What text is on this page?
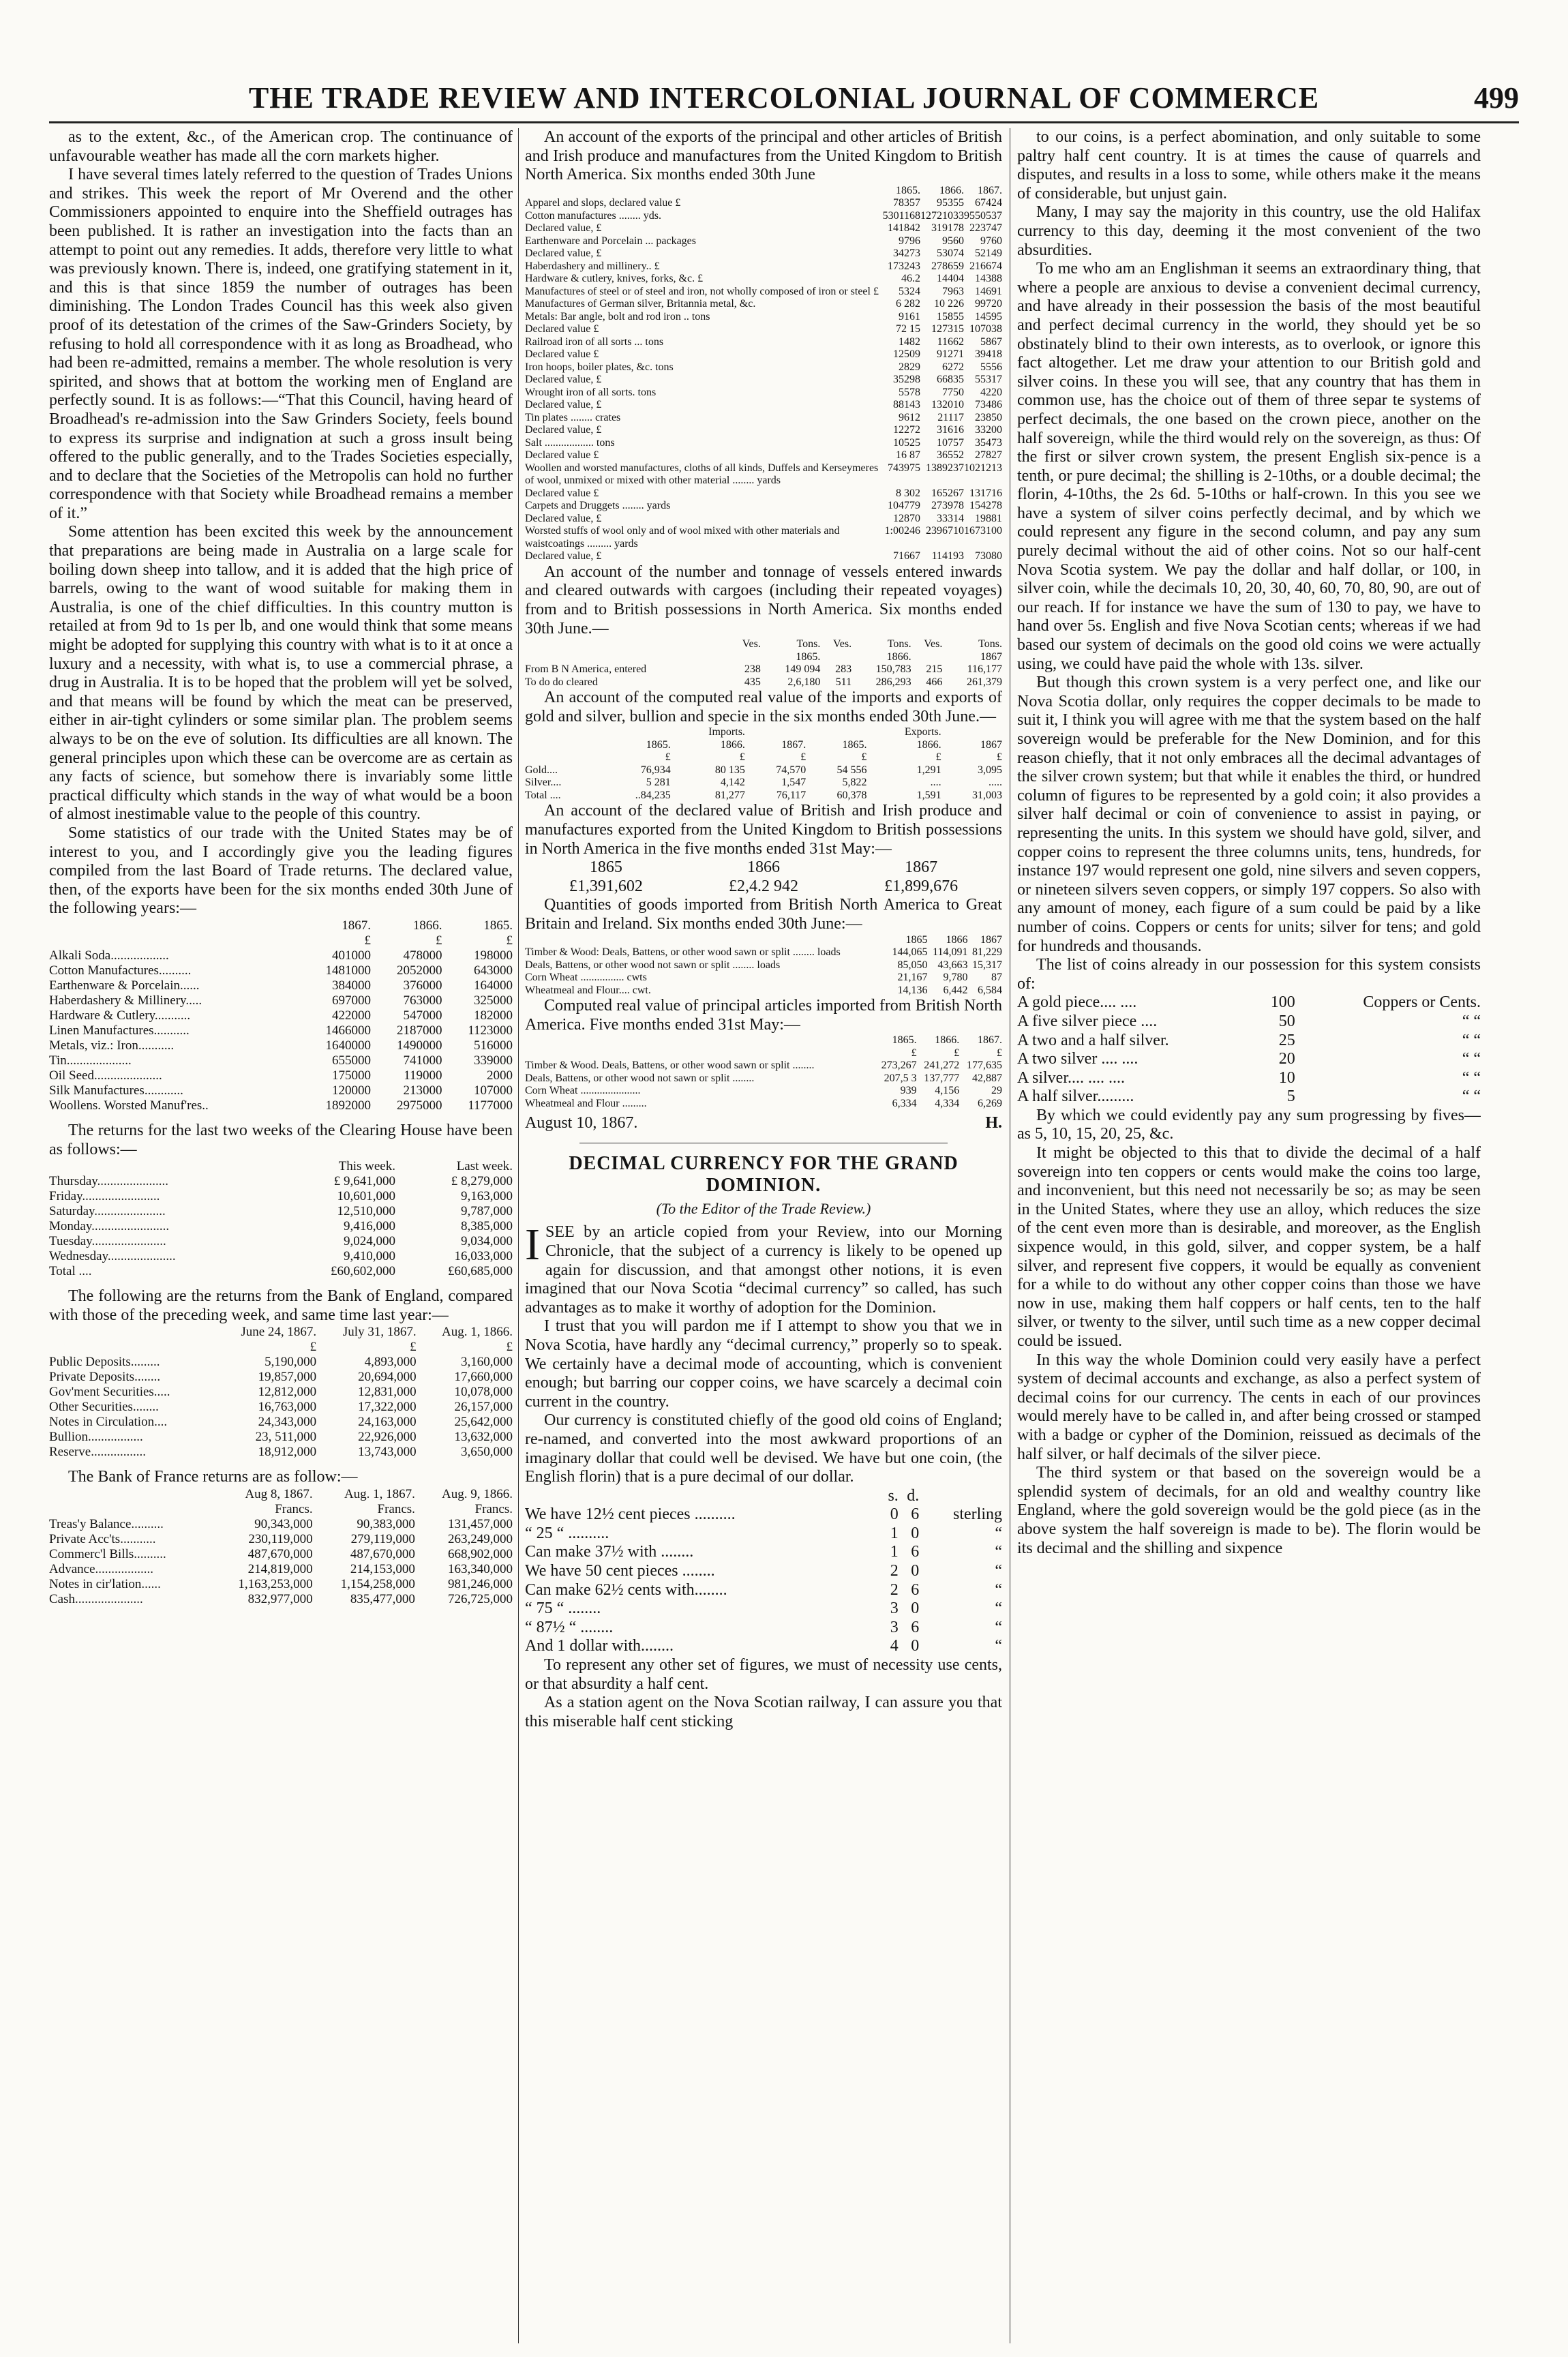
THE TRADE REVIEW AND INTERCOLONIAL JOURNAL OF COMMERCE	499

as to the extent, &c., of the American crop. The continuance of unfavourable weather has made all the corn markets higher.

I have several times lately referred to the question of Trades Unions and strikes. This week the report of Mr Overend and the other Commissioners appointed to enquire into the Sheffield outrages has been published. It is rather an investigation into the facts than an attempt to point out any remedies. It adds, therefore very little to what was previously known. There is, indeed, one gratifying statement in it, and this is that since 1859 the number of outrages has been diminishing. The London Trades Council has this week also given proof of its detestation of the crimes of the Saw-Grinders Society, by refusing to hold all correspondence with it as long as Broadhead, who had been re-admitted, remains a member. The whole resolution is very spirited, and shows that at bottom the working men of England are perfectly sound. It is as follows:—“That this Council, having heard of Broadhead's re-admission into the Saw Grinders Society, feels bound to express its surprise and indignation at such a gross insult being offered to the public generally, and to the Trades Societies especially, and to declare that the Societies of the Metropolis can hold no further correspondence with that Society while Broadhead remains a member of it.”

Some attention has been excited this week by the announcement that preparations are being made in Australia on a large scale for boiling down sheep into tallow, and it is added that the high price of barrels, owing to the want of wood suitable for making them in Australia, is one of the chief difficulties. In this country mutton is retailed at from 9d to 1s per lb, and one would think that some means might be adopted for supplying this country with what is to it at once a luxury and a necessity, with what is, to use a commercial phrase, a drug in Australia. It is to be hoped that the problem will yet be solved, and that means will be found by which the meat can be preserved, either in air-tight cylinders or some similar plan. The problem seems always to be on the eve of solution. Its difficulties are all known. The general principles upon which these can be overcome are as certain as any facts of science, but somehow there is invariably some little practical difficulty which stands in the way of what would be a boon of almost inestimable value to the people of this country.

Some statistics of our trade with the United States may be of interest to you, and I accordingly give you the leading figures compiled from the last Board of Trade returns. The declared value, then, of the exports have been for the six months ended 30th June of the following years:—

	1867.	1866.	1865.
	£	£	£
Alkali Soda..................	401000	478000	198000
Cotton Manufactures..........	1481000	2052000	643000
Earthenware & Porcelain......	384000	376000	164000
Haberdashery & Millinery.....	697000	763000	325000
Hardware & Cutlery...........	422000	547000	182000
Linen Manufactures...........	1466000	2187000	1123000
Metals, viz.: Iron...........	1640000	1490000	516000
Tin....................	655000	741000	339000
Oil Seed.....................	175000	119000	2000
Silk Manufactures............	120000	213000	107000
Woollens. Worsted Manuf'res..	1892000	2975000	1177000

The returns for the last two weeks of the Clearing House have been as follows:—

	This week.	Last week.
Thursday......................	£ 9,641,000	£ 8,279,000
Friday........................	10,601,000	9,163,000
Saturday......................	12,510,000	9,787,000
Monday........................	9,416,000	8,385,000
Tuesday.......................	9,024,000	9,034,000
Wednesday.....................	9,410,000	16,033,000
Total ....	£60,602,000	£60,685,000

The following are the returns from the Bank of England, compared with those of the preceding week, and same time last year:—

	June 24, 1867.	July 31, 1867.	Aug. 1, 1866.
	£	£	£
Public Deposits.........	5,190,000	4,893,000	3,160,000
Private Deposits........	19,857,000	20,694,000	17,660,000
Gov'ment Securities.....	12,812,000	12,831,000	10,078,000
Other Securities........	16,763,000	17,322,000	26,157,000
Notes in Circulation....	24,343,000	24,163,000	25,642,000
Bullion.................	23, 511,000	22,926,000	13,632,000
Reserve.................	18,912,000	13,743,000	3,650,000

The Bank of France returns are as follow:—

	Aug 8, 1867.	Aug. 1, 1867.	Aug. 9, 1866.
	Francs.	Francs.	Francs.
Treas'y Balance..........	90,343,000	90,383,000	131,457,000
Private Acc'ts...........	230,119,000	279,119,000	263,249,000
Commerc'l Bills..........	487,670,000	487,670,000	668,902,000
Advance..................	214,819,000	214,153,000	163,340,000
Notes in cir'lation......	1,163,253,000	1,154,258,000	981,246,000
Cash.....................	832,977,000	835,477,000	726,725,000

An account of the exports of the principal and other articles of British and Irish produce and manufactures from the United Kingdom to British North America. Six months ended 30th June

	1865.	1866.	1867.
Apparel and slops, declared value £	78357	95355	67424
Cotton manufactures ........ yds.	5301168	12721033	9550537
Declared value, £	141842	319178	223747
Earthenware and Porcelain ... packages	9796	9560	9760
Declared value, £	34273	53074	52149
Haberdashery and millinery.. £	173243	278659	216674
Hardware & cutlery, knives, forks, &c. £	46.2	14404	14388
Manufactures of steel or of steel and iron, not wholly composed of iron or steel £	5324	7963	14691
Manufactures of German silver, Britannia metal, &c.	6 282	10 226	99720
Metals: Bar angle, bolt and rod iron .. tons	9161	15855	14595
Declared value £	72 15	127315	107038
Railroad iron of all sorts ... tons	1482	11662	5867
Declared value £	12509	91271	39418
Iron hoops, boiler plates, &c. tons	2829	6272	5556
Declared value, £	35298	66835	55317
Wrought iron of all sorts. tons	5578	7750	4220
Declared value, £	88143	132010	73486
Tin plates ........ crates	9612	21117	23850
Declared value, £	12272	31616	33200
Salt .................. tons	10525	10757	35473
Declared value £	16 87	36552	27827
Woollen and worsted manufactures, cloths of all kinds, Duffels and Kerseymeres of wool, unmixed or mixed with other material ........ yards	743975	1389237	1021213
Declared value £	8 302	165267	131716
Carpets and Druggets ........ yards	104779	273978	154278
Declared value, £	12870	33314	19881
Worsted stuffs of wool only and of wool mixed with other materials and waistcoatings ......... yards	1:00246	2396710	1673100
Declared value, £	71667	114193	73080

An account of the number and tonnage of vessels entered inwards and cleared outwards with cargoes (including their repeated voyages) from and to British possessions in North America. Six months ended 30th June.—

	Ves.	Tons.	Ves.	Tons.	Ves.	Tons.
		1865.		1866.		1867
From B N America, entered	238	149 094	283	150,783	215	116,177
To do do cleared	435	2,6,180	511	286,293	466	261,379

An account of the computed real value of the imports and exports of gold and silver, bullion and specie in the six months ended 30th June.—

		Imports.			Exports.	
	1865.	1866.	1867.	1865.	1866.	1867
	£	£	£	£	£	£
Gold....	76,934	80 135	74,570	54 556	1,291	3,095
Silver....	5 281	4,142	1,547	5,822	....	.....
Total ....	..84,235	81,277	76,117	60,378	1,591	31,003

An account of the declared value of British and Irish produce and manufactures exported from the United Kingdom to British possessions in North America in the five months ended 31st May:—

1865	1866	1867
£1,391,602	£2,4.2 942	£1,899,676

Quantities of goods imported from British North America to Great Britain and Ireland. Six months ended 30th June:—

	1865	1866	1867
Timber & Wood: Deals, Battens, or other wood sawn or split ........ loads	144,065	114,091	81,229
Deals, Battens, or other wood not sawn or split ........ loads	85,050	43,663	15,317
Corn Wheat ................ cwts	21,167	9,780	87
Wheatmeal and Flour.... cwt.	14,136	6,442	6,584

Computed real value of principal articles imported from British North America. Five months ended 31st May:—

	1865.	1866.	1867.
	£	£	£
Timber & Wood. Deals, Battens, or other wood sawn or split ........	273,267	241,272	177,635
Deals, Battens, or other wood not sawn or split ........	207,5 3	137,777	42,887
Corn Wheat ......................	939	4,156	29
Wheatmeal and Flour .........	6,334	4,334	6,269
August 10, 1867.	H.
DECIMAL CURRENCY FOR THE GRAND DOMINION.
(To the Editor of the Trade Review.)

ISEE by an article copied from your Review, into our Morning Chronicle, that the subject of a currency is likely to be opened up again for discussion, and that amongst other notions, it is even imagined that our Nova Scotia “decimal currency” so called, has such advantages as to make it worthy of adoption for the Dominion.

I trust that you will pardon me if I attempt to show you that we in Nova Scotia, have hardly any “decimal currency,” properly so to speak. We certainly have a decimal mode of accounting, which is convenient enough; but barring our copper coins, we have scarcely a decimal coin current in the country.

Our currency is constituted chiefly of the good old coins of England; re-named, and converted into the most awkward proportions of an imaginary dollar that could well be devised. We have but one coin, (the English florin) that is a pure decimal of our dollar.

	s.	d.	
We have 12½ cent pieces ..........	0	6	sterling
“ 25 “ ..........	1	0	“
Can make 37½ with ........	1	6	“
We have 50 cent pieces ........	2	0	“
Can make 62½ cents with........	2	6	“
“ 75 “ ........	3	0	“
“ 87½ “ ........	3	6	“
And 1 dollar with........	4	0	“

To represent any other set of figures, we must of necessity use cents, or that absurdity a half cent.

As a station agent on the Nova Scotian railway, I can assure you that this miserable half cent sticking

to our coins, is a perfect abomination, and only suitable to some paltry half cent country. It is at times the cause of quarrels and disputes, and results in a loss to some, while others make it the means of considerable, but unjust gain.

Many, I may say the majority in this country, use the old Halifax currency to this day, deeming it the most convenient of the two absurdities.

To me who am an Englishman it seems an extraordinary thing, that where a people are anxious to devise a convenient decimal currency, and have already in their possession the basis of the most beautiful and perfect decimal currency in the world, they should yet be so obstinately blind to their own interests, as to overlook, or ignore this fact altogether. Let me draw your attention to our British gold and silver coins. In these you will see, that any country that has them in common use, has the choice out of them of three separ te systems of perfect decimals, the one based on the crown piece, another on the half sovereign, while the third would rely on the sovereign, as thus: Of the first or silver crown system, the present English six-pence is a tenth, or pure decimal; the shilling is 2-10ths, or a double decimal; the florin, 4-10ths, the 2s 6d. 5-10ths or half-crown. In this you see we have a system of silver coins perfectly decimal, and by which we could represent any figure in the second column, and pay any sum purely decimal without the aid of other coins. Not so our half-cent Nova Scotia system. We pay the dollar and half dollar, or 100, in silver coin, while the decimals 10, 20, 30, 40, 60, 70, 80, 90, are out of our reach. If for instance we have the sum of 130 to pay, we have to hand over 5s. English and five Nova Scotian cents; whereas if we had based our system of decimals on the good old coins we were actually using, we could have paid the whole with 13s. silver.

But though this crown system is a very perfect one, and like our Nova Scotia dollar, only requires the copper decimals to be made to suit it, I think you will agree with me that the system based on the half sovereign would be preferable for the New Dominion, and for this reason chiefly, that it not only embraces all the decimal advantages of the silver crown system; but that while it enables the third, or hundred column of figures to be represented by a gold coin; it also provides a silver half decimal or coin of convenience to assist in paying, or representing the units. In this system we should have gold, silver, and copper coins to represent the three columns units, tens, hundreds, for instance 197 would represent one gold, nine silvers and seven coppers, or nineteen silvers seven coppers, or simply 197 coppers. So also with any amount of money, each figure of a sum could be paid by a like number of coins. Coppers or cents for units; silver for tens; and gold for hundreds and thousands.

The list of coins already in our possession for this system consists of:

A gold piece.... ....	100	Coppers or Cents.
A five silver piece ....	50	“ “
A two and a half silver.	25	“ “
A two silver .... ....	20	“ “
A silver.... .... ....	10	“ “
A half silver.........	5	“ “

By which we could evidently pay any sum progressing by fives—as 5, 10, 15, 20, 25, &c.

It might be objected to this that to divide the decimal of a half sovereign into ten coppers or cents would make the coins too large, and inconvenient, but this need not necessarily be so; as may be seen in the United States, where they use an alloy, which reduces the size of the cent even more than is desirable, and moreover, as the English sixpence would, in this gold, silver, and copper system, be a half silver, and represent five coppers, it would be equally as convenient for a while to do without any other copper coins than those we have now in use, making them half coppers or half cents, ten to the half silver, or twenty to the silver, until such time as a new copper decimal could be issued.

In this way the whole Dominion could very easily have a perfect system of decimal accounts and exchange, as also a perfect system of decimal coins for our currency. The cents in each of our provinces would merely have to be called in, and after being crossed or stamped with a badge or cypher of the Dominion, reissued as decimals of the half silver, or half decimals of the silver piece.

The third system or that based on the sovereign would be a splendid system of decimals, for an old and wealthy country like England, where the gold sovereign would be the gold piece (as in the above system the half sovereign is made to be). The florin would be its decimal and the shilling and sixpence
